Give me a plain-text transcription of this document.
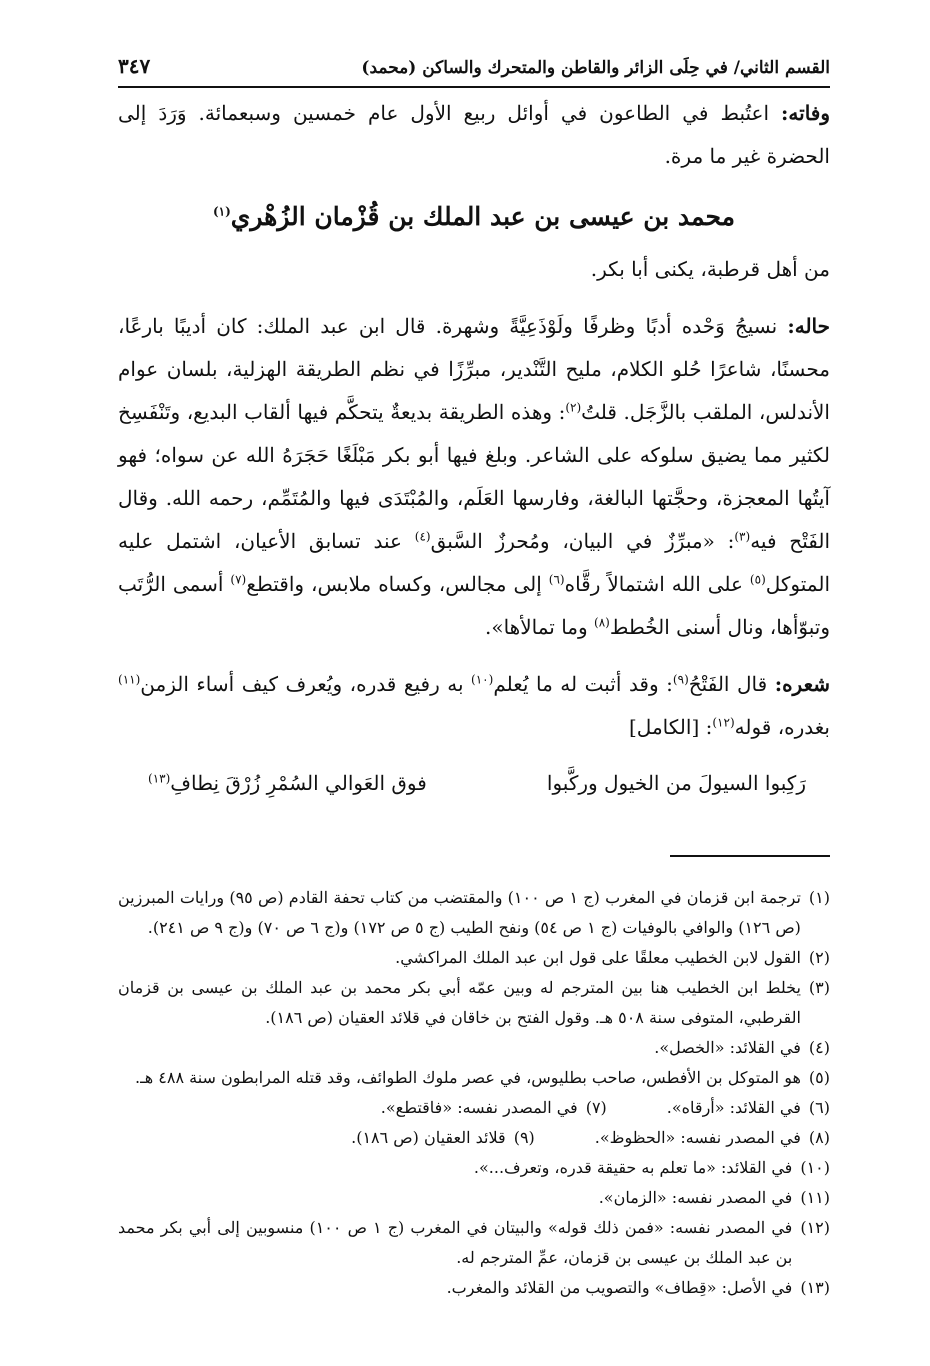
القسم الثاني/ في حِلَى الزائر والقاطن والمتحرك والساكن (محمد)
٣٤٧

وفاته: اعتُبط في الطاعون في أوائل ربيع الأول عام خمسين وسبعمائة. وَرَدَ إلى الحضرة غير ما مرة.

محمد بن عيسى بن عبد الملك بن قُزْمان الزُهْري$^{(١)}$

من أهل قرطبة، يكنى أبا بكر.

حاله: نسيجُ وَحْده أدبًا وظرفًا ولَوْذَعِيَّةً وشهرة. قال ابن عبد الملك: كان أديبًا بارعًا، محسنًا، شاعرًا حُلو الكلام، مليح التَّنْدير، مبرِّزًا في نظم الطريقة الهزلية، بلسان عوام الأندلس، الملقب بالزَّجَل. قلتُ$^{(٢)}$: وهذه الطريقة بديعةٌ يتحكَّم فيها ألقاب البديع، وتَنْفَسِخ لكثير مما يضيق سلوكه على الشاعر. وبلغ فيها أبو بكر مَبْلَغًا حَجَرَهُ الله عن سواه؛ فهو آيتُها المعجزة، وحجَّتها البالغة، وفارسها العَلَم، والمُبْتَدَى فيها والمُتَمِّم، رحمه الله. وقال الفَتْح فيه$^{(٣)}$: «مبرِّزٌ في البيان، ومُحرزٌ السَّبق$^{(٤)}$ عند تسابق الأعيان، اشتمل عليه المتوكل$^{(٥)}$ على الله اشتمالاً رقَّاه$^{(٦)}$ إلى مجالس، وكساه ملابس، واقتطع$^{(٧)}$ أسمى الرُّتَب وتبوّأها، ونال أسنى الخُطط$^{(٨)}$ وما تمالأها».

شعره: قال الفَتْحُ$^{(٩)}$: وقد أثبت له ما يُعلم$^{(١٠)}$ به رفيع قدره، ويُعرف كيف أساء الزمن$^{(١١)}$ بغدره، قوله$^{(١٢)}$: [الكامل]

رَكِبوا السيولَ من الخيول وركَّبوا
فوق العَوالي السُمْرِ زُرْقَ نِطافِ$^{(١٣)}$
(١)
ترجمة ابن قزمان في المغرب (ج ١ ص ١٠٠) والمقتضب من كتاب تحفة القادم (ص ٩٥) ورايات المبرزين (ص ١٢٦) والوافي بالوفيات (ج ١ ص ٥٤) ونفح الطيب (ج ٥ ص ١٧٢) و(ج ٦ ص ٧٠) و(ج ٩ ص ٢٤١).
(٢)
القول لابن الخطيب معلقًا على قول ابن عبد الملك المراكشي.
(٣)
يخلط ابن الخطيب هنا بين المترجم له وبين عمّه أبي بكر محمد بن عبد الملك بن عيسى بن قزمان القرطبي، المتوفى سنة ٥٠٨ هـ. وقول الفتح بن خاقان في قلائد العقيان (ص ١٨٦).
(٤)
في القلائد: «الخصل».
(٥)
هو المتوكل بن الأفطس، صاحب بطليوس، في عصر ملوك الطوائف، وقد قتله المرابطون سنة ٤٨٨ هـ.
(٦)
في القلائد: «أرقاه».
(٧)
في المصدر نفسه: «فاقتطع».
(٨)
في المصدر نفسه: «الحظوظ».
(٩)
قلائد العقيان (ص ١٨٦).
(١٠)
في القلائد: «ما تعلم به حقيقة قدره، وتعرف...».
(١١)
في المصدر نفسه: «الزمان».
(١٢)
في المصدر نفسه: «فمن ذلك قوله» والبيتان في المغرب (ج ١ ص ١٠٠) منسوبين إلى أبي بكر محمد بن عبد الملك بن عيسى بن قزمان، عمِّ المترجم له.
(١٣)
في الأصل: «قِطاف» والتصويب من القلائد والمغرب.
